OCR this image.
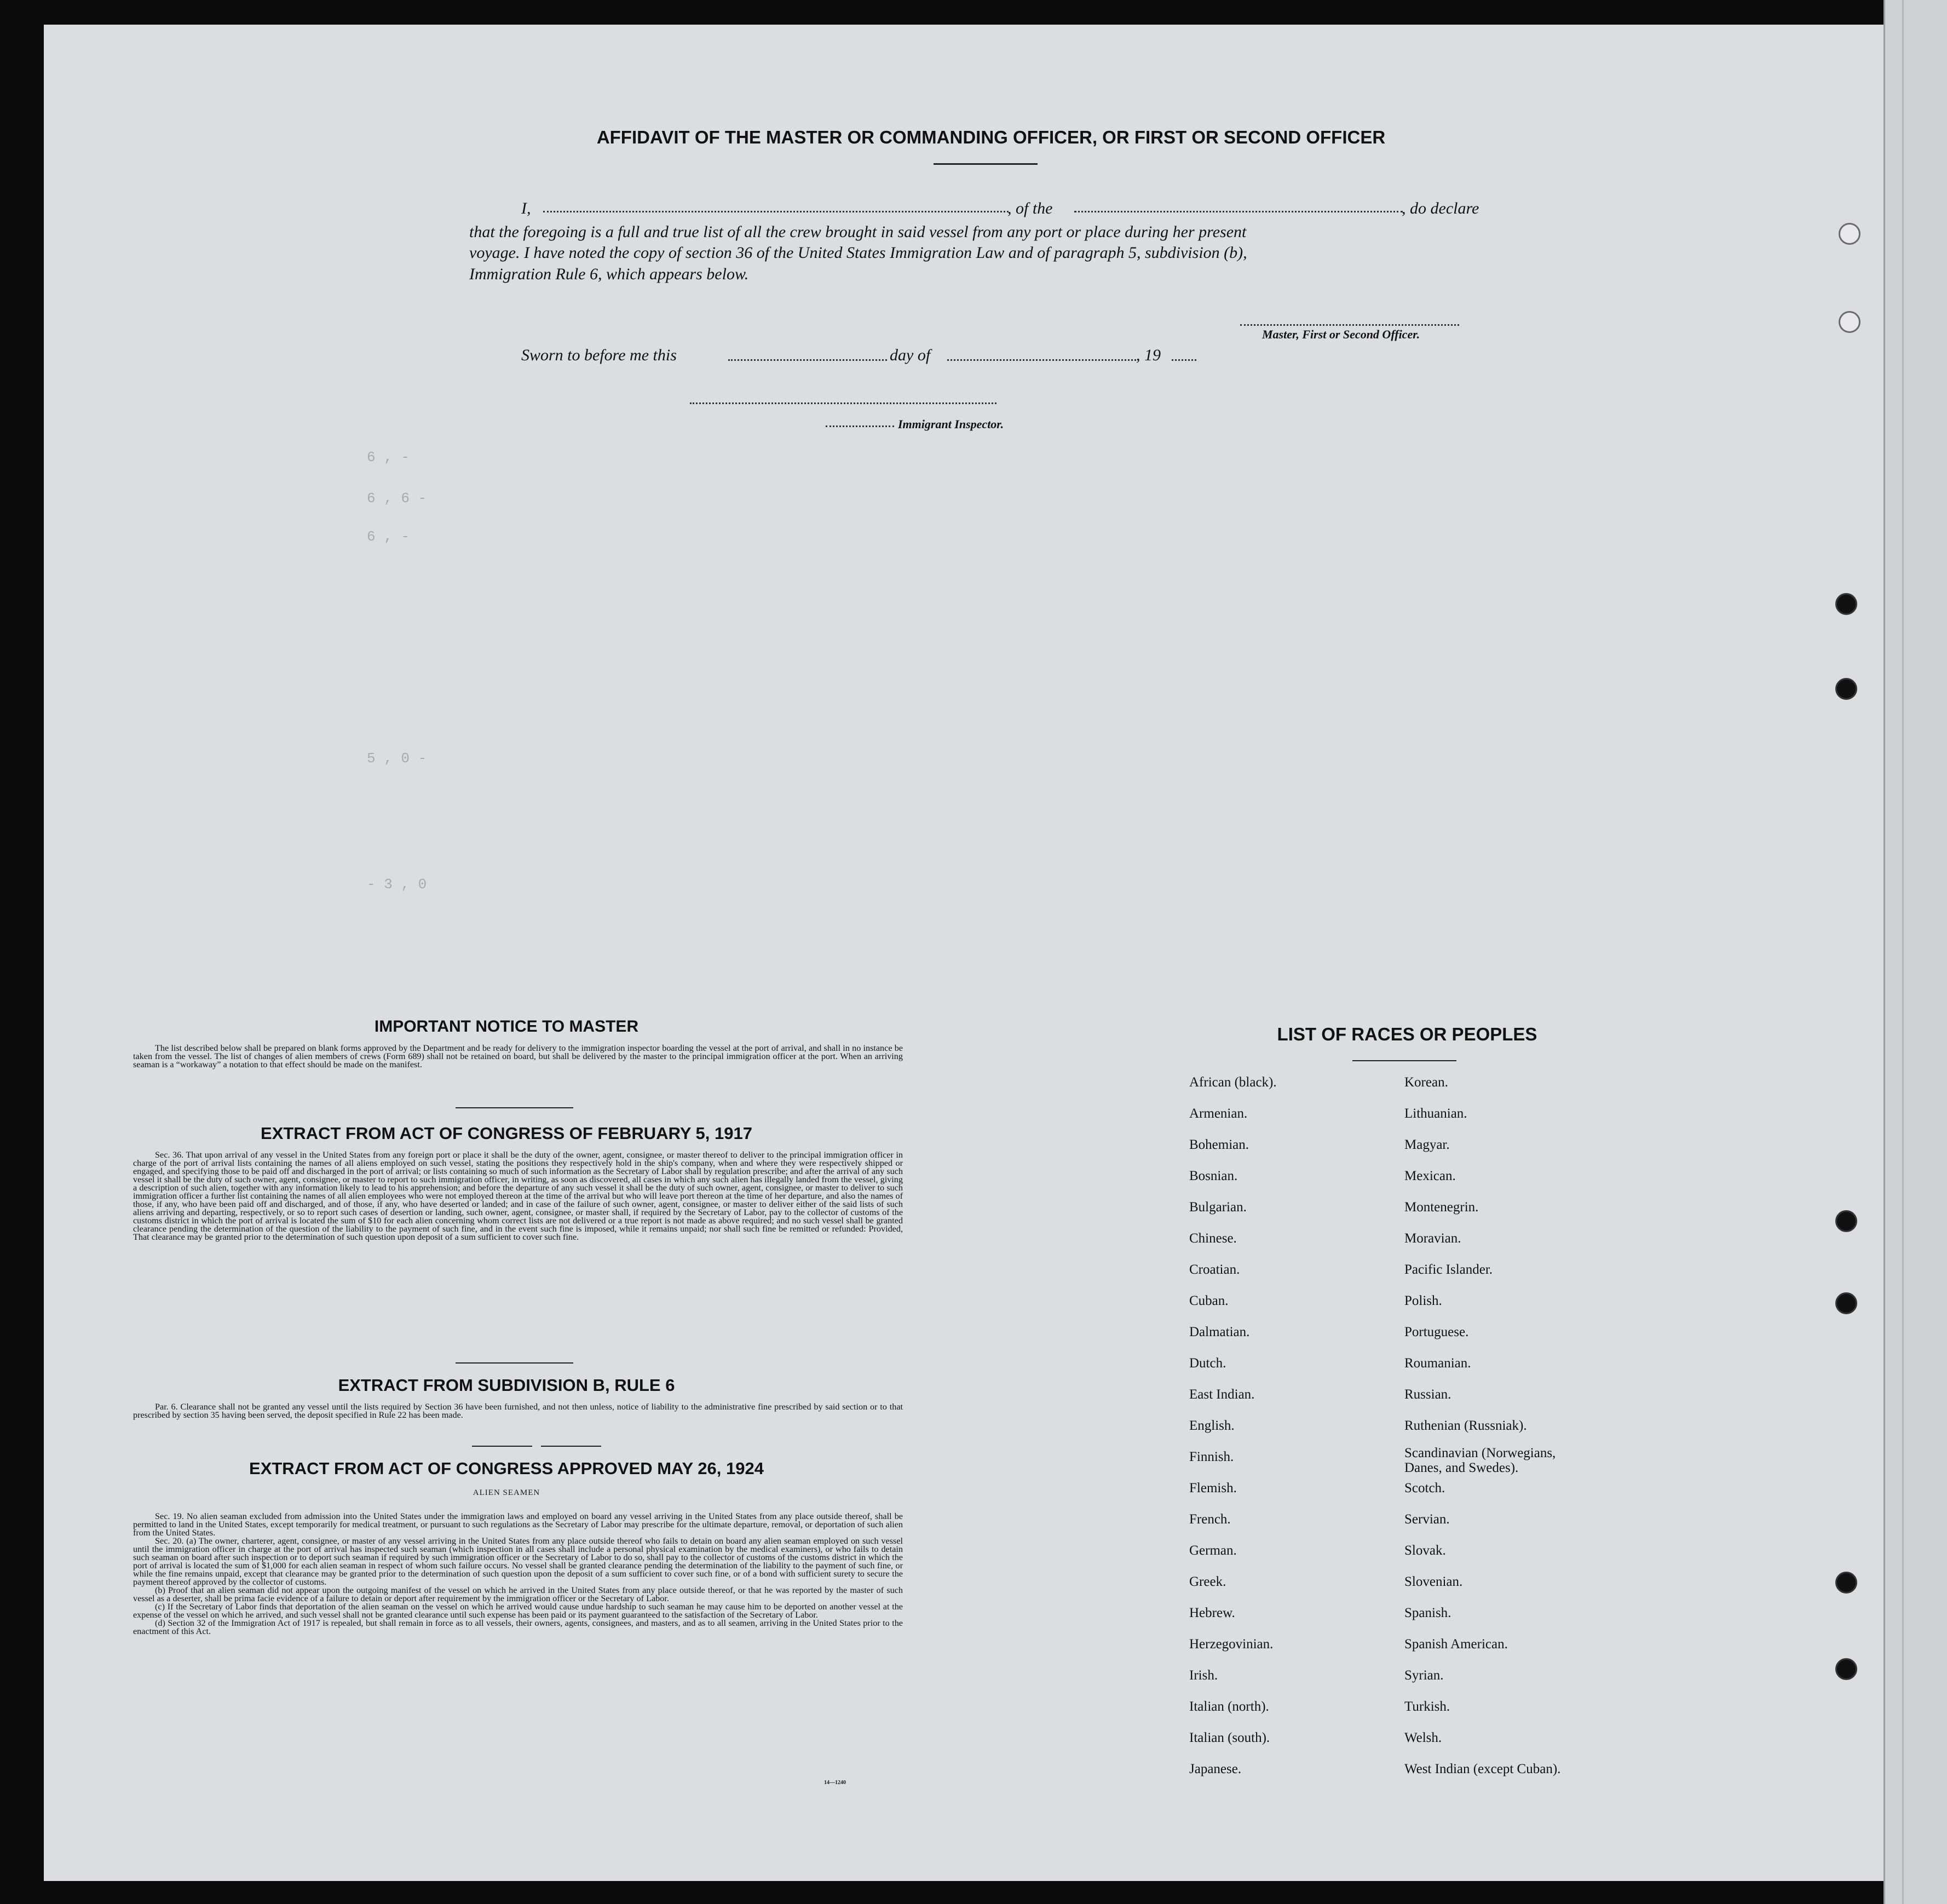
6 , -
6 , 6 -
6 , -
5 , 0 -
- 3 , 0
AFFIDAVIT OF THE MASTER OR COMMANDING OFFICER, OR FIRST OR SECOND OFFICER
I,	, of the	, do declare
that the foregoing is a full and true list of all the crew brought in said vessel from any port or place during her present
voyage. I have noted the copy of section 36 of the United States Immigration Law and of paragraph 5, subdivision (b),
Immigration Rule 6, which appears below.
Master, First or Second Officer.
Sworn to before me this	day of	, 19
Immigrant Inspector.
IMPORTANT NOTICE TO MASTER

The list described below shall be prepared on blank forms approved by the Department and be ready for delivery to the immigration inspector boarding the vessel at the port of arrival, and shall in no instance be taken from the vessel. The list of changes of alien members of crews (Form 689) shall not be retained on board, but shall be delivered by the master to the principal immigration officer at the port. When an arriving seaman is a “workaway” a notation to that effect should be made on the manifest.

EXTRACT FROM ACT OF CONGRESS OF FEBRUARY 5, 1917

Sec. 36. That upon arrival of any vessel in the United States from any foreign port or place it shall be the duty of the owner, agent, consignee, or master thereof to deliver to the principal immigration officer in charge of the port of arrival lists containing the names of all aliens employed on such vessel, stating the positions they respectively hold in the ship's company, when and where they were respectively shipped or engaged, and specifying those to be paid off and discharged in the port of arrival; or lists containing so much of such information as the Secretary of Labor shall by regulation prescribe; and after the arrival of any such vessel it shall be the duty of such owner, agent, consignee, or master to report to such immigration officer, in writing, as soon as discovered, all cases in which any such alien has illegally landed from the vessel, giving a description of such alien, together with any information likely to lead to his apprehension; and before the departure of any such vessel it shall be the duty of such owner, agent, consignee, or master to deliver to such immigration officer a further list containing the names of all alien employees who were not employed thereon at the time of the arrival but who will leave port thereon at the time of her departure, and also the names of those, if any, who have been paid off and discharged, and of those, if any, who have deserted or landed; and in case of the failure of such owner, agent, consignee, or master to deliver either of the said lists of such aliens arriving and departing, respectively, or so to report such cases of desertion or landing, such owner, agent, consignee, or master shall, if required by the Secretary of Labor, pay to the collector of customs of the customs district in which the port of arrival is located the sum of $10 for each alien concerning whom correct lists are not delivered or a true report is not made as above required; and no such vessel shall be granted clearance pending the determination of the question of the liability to the payment of such fine, and in the event such fine is imposed, while it remains unpaid; nor shall such fine be remitted or refunded: Provided, That clearance may be granted prior to the determination of such question upon deposit of a sum sufficient to cover such fine.

EXTRACT FROM SUBDIVISION B, RULE 6

Par. 6. Clearance shall not be granted any vessel until the lists required by Section 36 have been furnished, and not then unless, notice of liability to the administrative fine prescribed by said section or to that prescribed by section 35 having been served, the deposit specified in Rule 22 has been made.

EXTRACT FROM ACT OF CONGRESS APPROVED MAY 26, 1924
ALIEN SEAMEN

Sec. 19. No alien seaman excluded from admission into the United States under the immigration laws and employed on board any vessel arriving in the United States from any place outside thereof, shall be permitted to land in the United States, except temporarily for medical treatment, or pursuant to such regulations as the Secretary of Labor may prescribe for the ultimate departure, removal, or deportation of such alien from the United States.

Sec. 20. (a) The owner, charterer, agent, consignee, or master of any vessel arriving in the United States from any place outside thereof who fails to detain on board any alien seaman employed on such vessel until the immigration officer in charge at the port of arrival has inspected such seaman (which inspection in all cases shall include a personal physical examination by the medical examiners), or who fails to detain such seaman on board after such inspection or to deport such seaman if required by such immigration officer or the Secretary of Labor to do so, shall pay to the collector of customs of the customs district in which the port of arrival is located the sum of $1,000 for each alien seaman in respect of whom such failure occurs. No vessel shall be granted clearance pending the determination of the liability to the payment of such fine, or while the fine remains unpaid, except that clearance may be granted prior to the determination of such question upon the deposit of a sum sufficient to cover such fine, or of a bond with sufficient surety to secure the payment thereof approved by the collector of customs.

(b) Proof that an alien seaman did not appear upon the outgoing manifest of the vessel on which he arrived in the United States from any place outside thereof, or that he was reported by the master of such vessel as a deserter, shall be prima facie evidence of a failure to detain or deport after requirement by the immigration officer or the Secretary of Labor.

(c) If the Secretary of Labor finds that deportation of the alien seaman on the vessel on which he arrived would cause undue hardship to such seaman he may cause him to be deported on another vessel at the expense of the vessel on which he arrived, and such vessel shall not be granted clearance until such expense has been paid or its payment guaranteed to the satisfaction of the Secretary of Labor.

(d) Section 32 of the Immigration Act of 1917 is repealed, but shall remain in force as to all vessels, their owners, agents, consignees, and masters, and as to all seamen, arriving in the United States prior to the enactment of this Act.

14—1240
LIST OF RACES OR PEOPLES
African (black).
Armenian.
Bohemian.
Bosnian.
Bulgarian.
Chinese.
Croatian.
Cuban.
Dalmatian.
Dutch.
East Indian.
English.
Finnish.
Flemish.
French.
German.
Greek.
Hebrew.
Herzegovinian.
Irish.
Italian (north).
Italian (south).
Japanese.
Korean.
Lithuanian.
Magyar.
Mexican.
Montenegrin.
Moravian.
Pacific Islander.
Polish.
Portuguese.
Roumanian.
Russian.
Ruthenian (Russniak).
Scandinavian (Norwegians,
Danes, and Swedes).
Scotch.
Servian.
Slovak.
Slovenian.
Spanish.
Spanish American.
Syrian.
Turkish.
Welsh.
West Indian (except Cuban).
